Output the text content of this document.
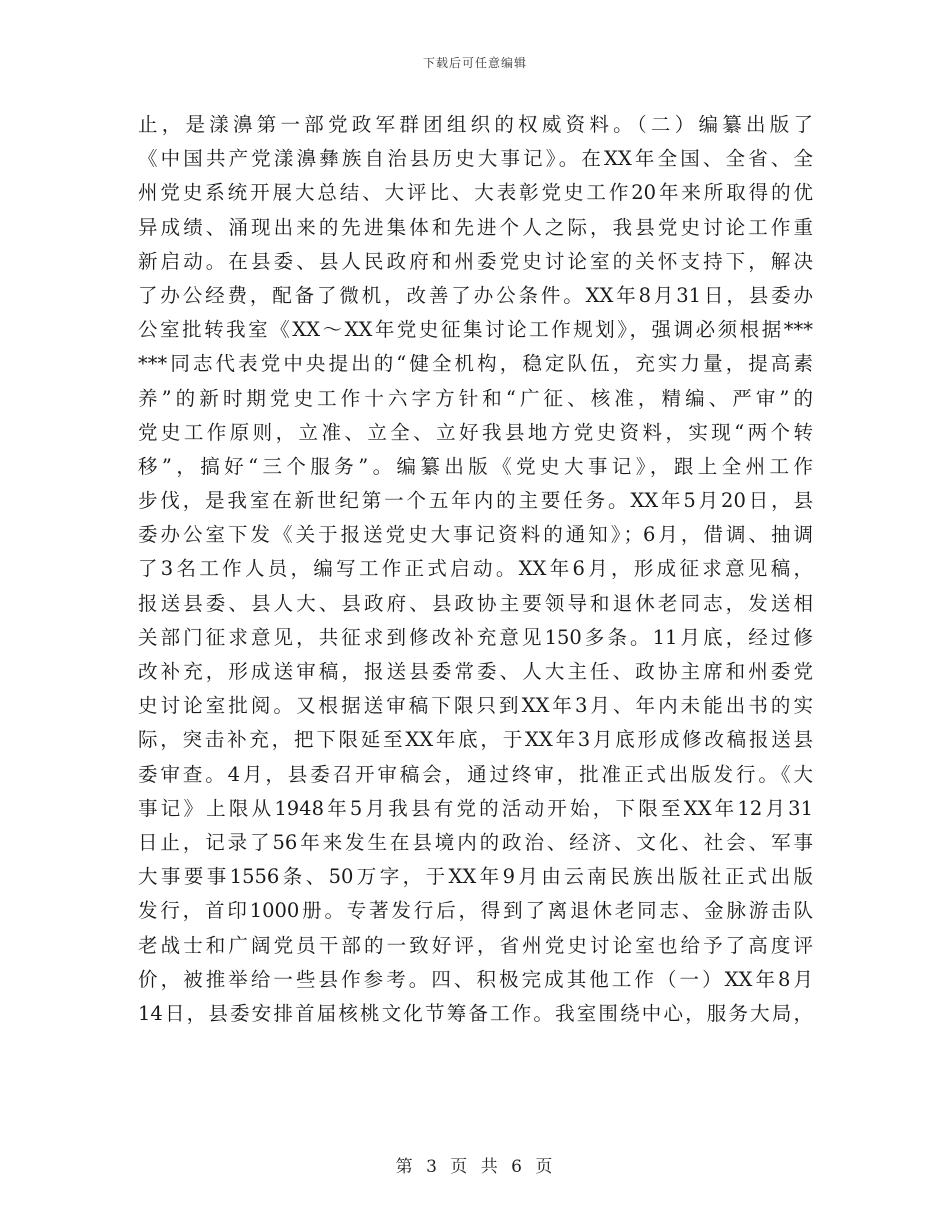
下载后可任意编辑
止，是漾濞第一部党政军群团组织的权威资料。（二）编纂出版了
《中国共产党漾濞彝族自治县历史大事记》。在XX年全国、全省、全
州党史系统开展大总结、大评比、大表彰党史工作20年来所取得的优
异成绩、涌现出来的先进集体和先进个人之际，我县党史讨论工作重
新启动。在县委、县人民政府和州委党史讨论室的关怀支持下，解决
了办公经费，配备了微机，改善了办公条件。XX年8月31日，县委办
公室批转我室《XX～XX年党史征集讨论工作规划》，强调必须根据***
***同志代表党中央提出的“健全机构，稳定队伍，充实力量，提高素
养”的新时期党史工作十六字方针和“广征、核准，精编、严审”的
党史工作原则，立准、立全、立好我县地方党史资料，实现“两个转
移”，搞好“三个服务”。编纂出版《党史大事记》，跟上全州工作
步伐，是我室在新世纪第一个五年内的主要任务。XX年5月20日，县
委办公室下发《关于报送党史大事记资料的通知》；6月，借调、抽调
了3名工作人员，编写工作正式启动。XX年6月，形成征求意见稿，
报送县委、县人大、县政府、县政协主要领导和退休老同志，发送相
关部门征求意见，共征求到修改补充意见150多条。11月底，经过修
改补充，形成送审稿，报送县委常委、人大主任、政协主席和州委党
史讨论室批阅。又根据送审稿下限只到XX年3月、年内未能出书的实
际，突击补充，把下限延至XX年底，于XX年3月底形成修改稿报送县
委审查。4月，县委召开审稿会，通过终审，批准正式出版发行。《大
事记》上限从1948年5月我县有党的活动开始，下限至XX年12月31
日止，记录了56年来发生在县境内的政治、经济、文化、社会、军事
大事要事1556条、50万字，于XX年9月由云南民族出版社正式出版
发行，首印1000册。专著发行后，得到了离退休老同志、金脉游击队
老战士和广阔党员干部的一致好评，省州党史讨论室也给予了高度评
价，被推举给一些县作参考。四、积极完成其他工作（一）XX年8月
14日，县委安排首届核桃文化节筹备工作。我室围绕中心，服务大局，
第 3 页 共 6 页
